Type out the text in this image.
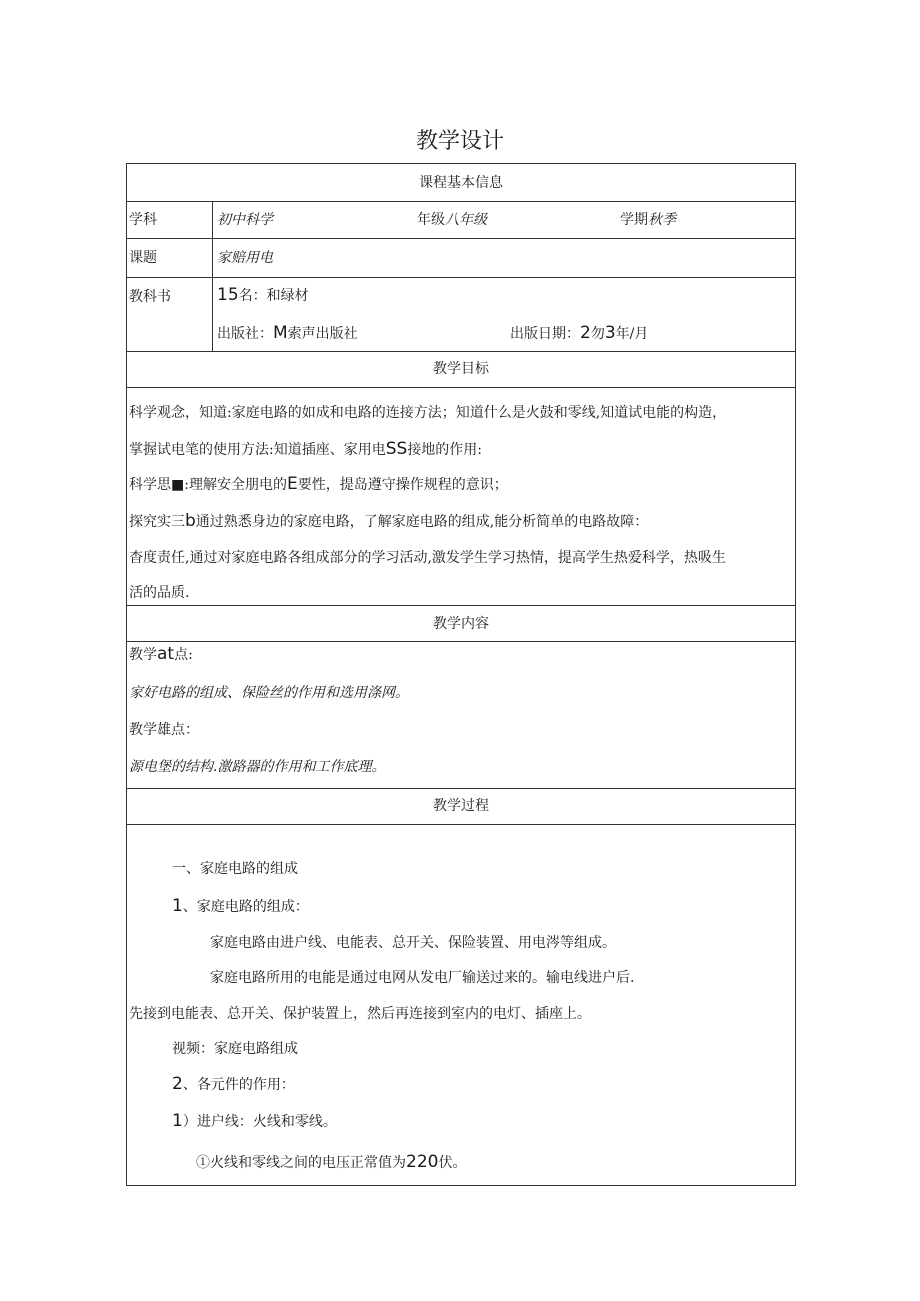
教学设计
课程基本信息
学科	初中科学	年级八年级	学期秋季
课题	家赔用电
教科书	15名：和绿材
出版社：M索声出版社	出版日期：2勿3年/月
教学目标
科学观念，知道:家庭电路的如成和电路的连接方法；知道什么是火鼓和零线,知道试电能的构造，
掌握试电笔的使用方法:知道插座、家用电SS接地的作用:
科学思■:理解安全朋电的E要性，提岛遵守操作规程的意识；
探究实三b通过熟悉身边的家庭电路，了解家庭电路的组成,能分析简单的电路故障：
杳度责任,通过对家庭电路各组成部分的学习活动,激发学生学习热情，提高学生热爱科学，热吸生
活的品质.
教学内容
教学at点:
家好电路的组成、保险丝的作用和选用涤网。
教学雄点：
源电堡的结构.激路器的作用和工作底理。
教学过程
一、家庭电路的组成
1、家庭电路的组成：
家庭电路由进户线、电能表、总开关、保险装置、用电涔等组成。
家庭电路所用的电能是通过电网从发电厂输送过来的。输电线进户后.
先接到电能表、总开关、保护装置上，然后再连接到室内的电灯、插座上。
视频：家庭电路组成
2、各元件的作用：
1）进户线：火线和零线。
①火线和零线之间的电压正常值为220伏。
